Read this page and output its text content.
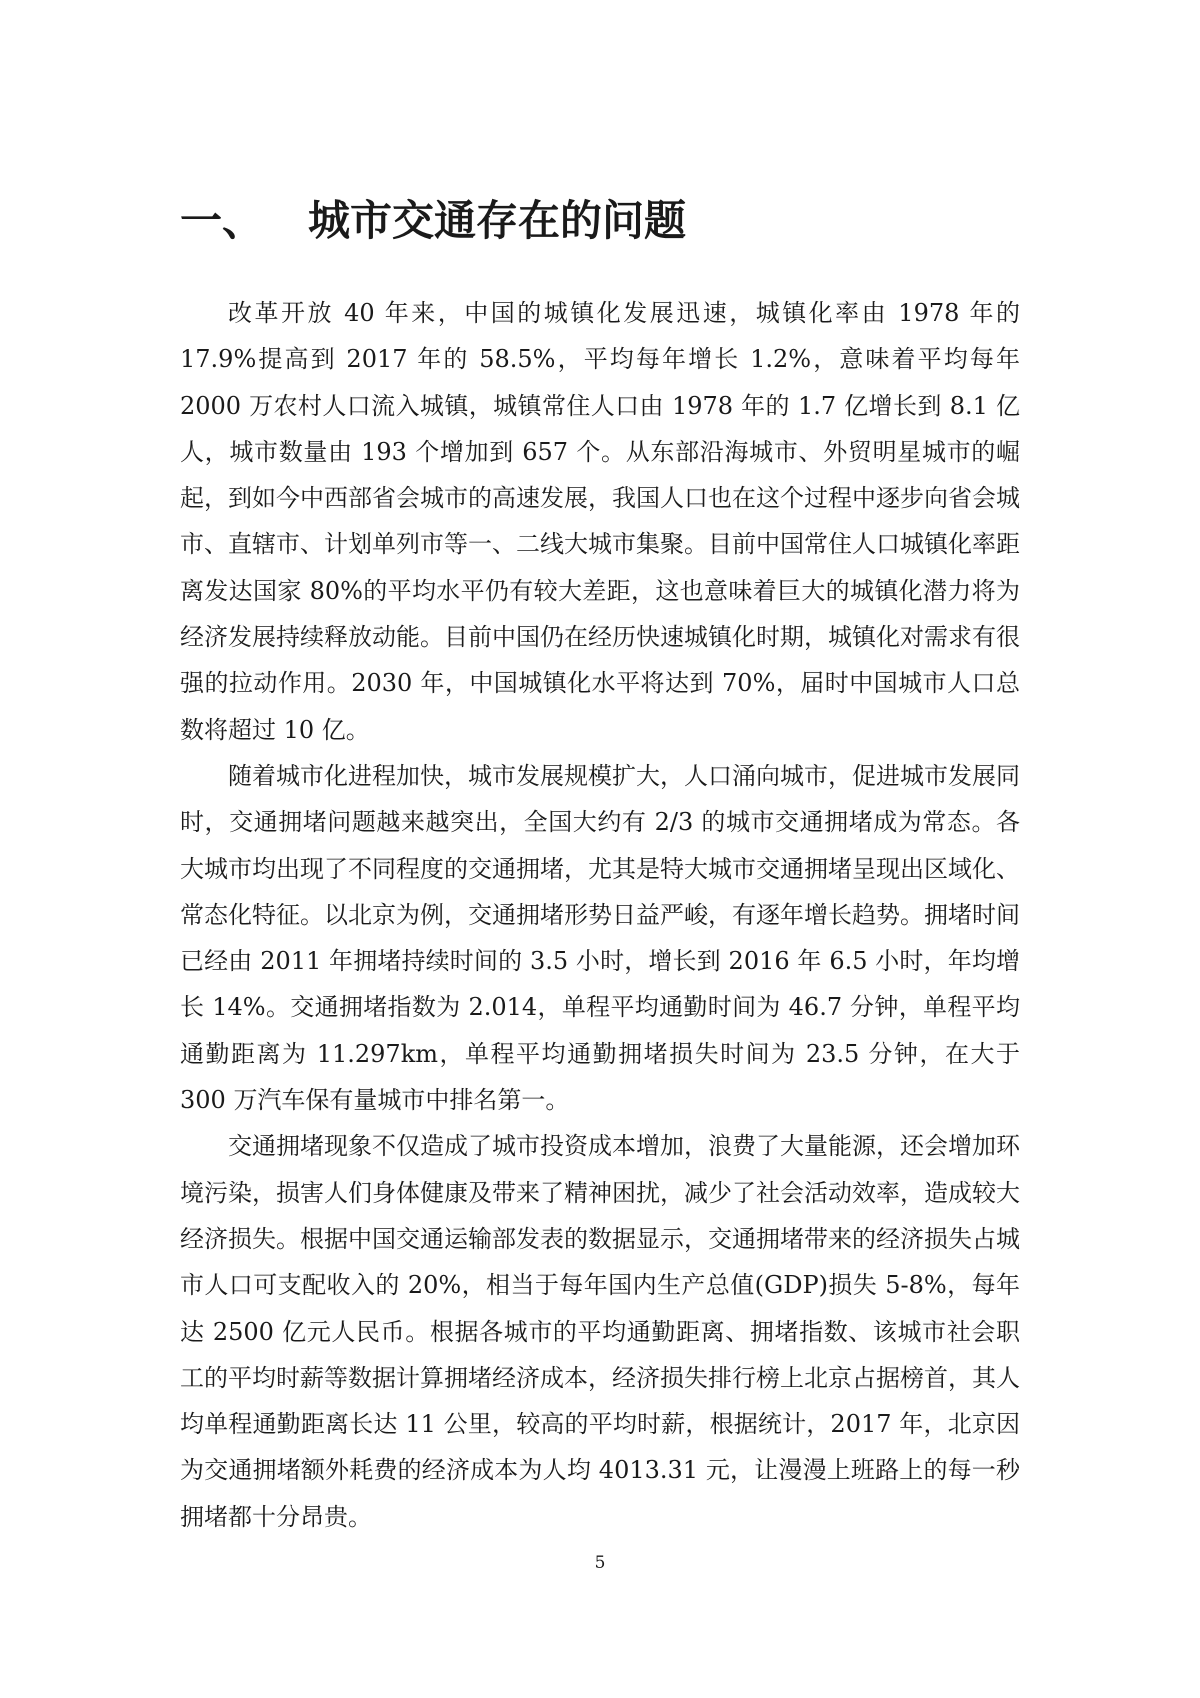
一、 城市交通存在的问题

改革开放 40 年来，中国的城镇化发展迅速，城镇化率由 1978 年的 17.9%提高到 2017 年的 58.5%，平均每年增长 1.2%，意味着平均每年 2000 万农村人口流入城镇，城镇常住人口由 1978 年的 1.7 亿增长到 8.1 亿人，城市数量由 193 个增加到 657 个。从东部沿海城市、外贸明星城市的崛起，到如今中西部省会城市的高速发展，我国人口也在这个过程中逐步向省会城市、直辖市、计划单列市等一、二线大城市集聚。目前中国常住人口城镇化率距离发达国家 80%的平均水平仍有较大差距，这也意味着巨大的城镇化潜力将为经济发展持续释放动能。目前中国仍在经历快速城镇化时期，城镇化对需求有很强的拉动作用。2030 年，中国城镇化水平将达到 70%，届时中国城市人口总数将超过 10 亿。

随着城市化进程加快，城市发展规模扩大，人口涌向城市，促进城市发展同时，交通拥堵问题越来越突出，全国大约有 2/3 的城市交通拥堵成为常态。各大城市均出现了不同程度的交通拥堵，尤其是特大城市交通拥堵呈现出区域化、常态化特征。以北京为例，交通拥堵形势日益严峻，有逐年增长趋势。拥堵时间已经由 2011 年拥堵持续时间的 3.5 小时，增长到 2016 年 6.5 小时，年均增长 14%。交通拥堵指数为 2.014，单程平均通勤时间为 46.7 分钟，单程平均通勤距离为 11.297km，单程平均通勤拥堵损失时间为 23.5 分钟，在大于 300 万汽车保有量城市中排名第一。

交通拥堵现象不仅造成了城市投资成本增加，浪费了大量能源，还会增加环境污染，损害人们身体健康及带来了精神困扰，减少了社会活动效率，造成较大经济损失。根据中国交通运输部发表的数据显示，交通拥堵带来的经济损失占城市人口可支配收入的 20%，相当于每年国内生产总值(GDP)损失 5-8%，每年达 2500 亿元人民币。根据各城市的平均通勤距离、拥堵指数、该城市社会职工的平均时薪等数据计算拥堵经济成本，经济损失排行榜上北京占据榜首，其人均单程通勤距离长达 11 公里，较高的平均时薪，根据统计，2017 年，北京因为交通拥堵额外耗费的经济成本为人均 4013.31 元，让漫漫上班路上的每一秒拥堵都十分昂贵。

5
